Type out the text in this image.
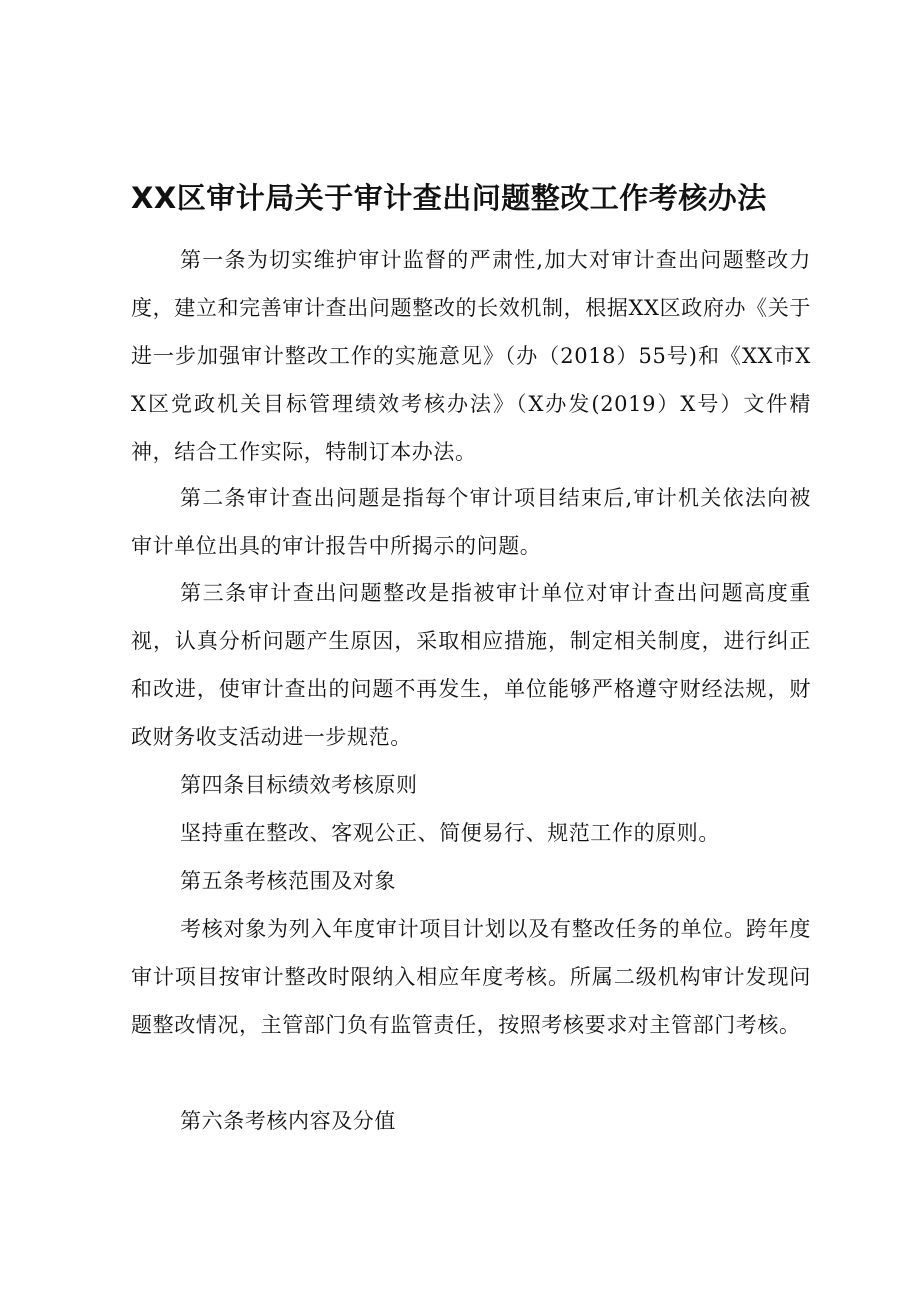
XX区审计局关于审计查出问题整改工作考核办法

第一条为切实维护审计监督的严肃性,加大对审计查出问题整改力度，建立和完善审计查出问题整改的长效机制，根据XX区政府办《关于进一步加强审计整改工作的实施意见》（办（2018）55号)和《XX市XX区党政机关目标管理绩效考核办法》（X办发(2019）X号）文件精神，结合工作实际，特制订本办法。

第二条审计查出问题是指每个审计项目结束后,审计机关依法向被审计单位出具的审计报告中所揭示的问题。

第三条审计查出问题整改是指被审计单位对审计查出问题高度重视，认真分析问题产生原因，采取相应措施，制定相关制度，进行纠正和改进，使审计查出的问题不再发生，单位能够严格遵守财经法规，财政财务收支活动进一步规范。

第四条目标绩效考核原则

坚持重在整改、客观公正、简便易行、规范工作的原则。

第五条考核范围及对象

考核对象为列入年度审计项目计划以及有整改任务的单位。跨年度审计项目按审计整改时限纳入相应年度考核。所属二级机构审计发现问题整改情况，主管部门负有监管责任，按照考核要求对主管部门考核。

第六条考核内容及分值
